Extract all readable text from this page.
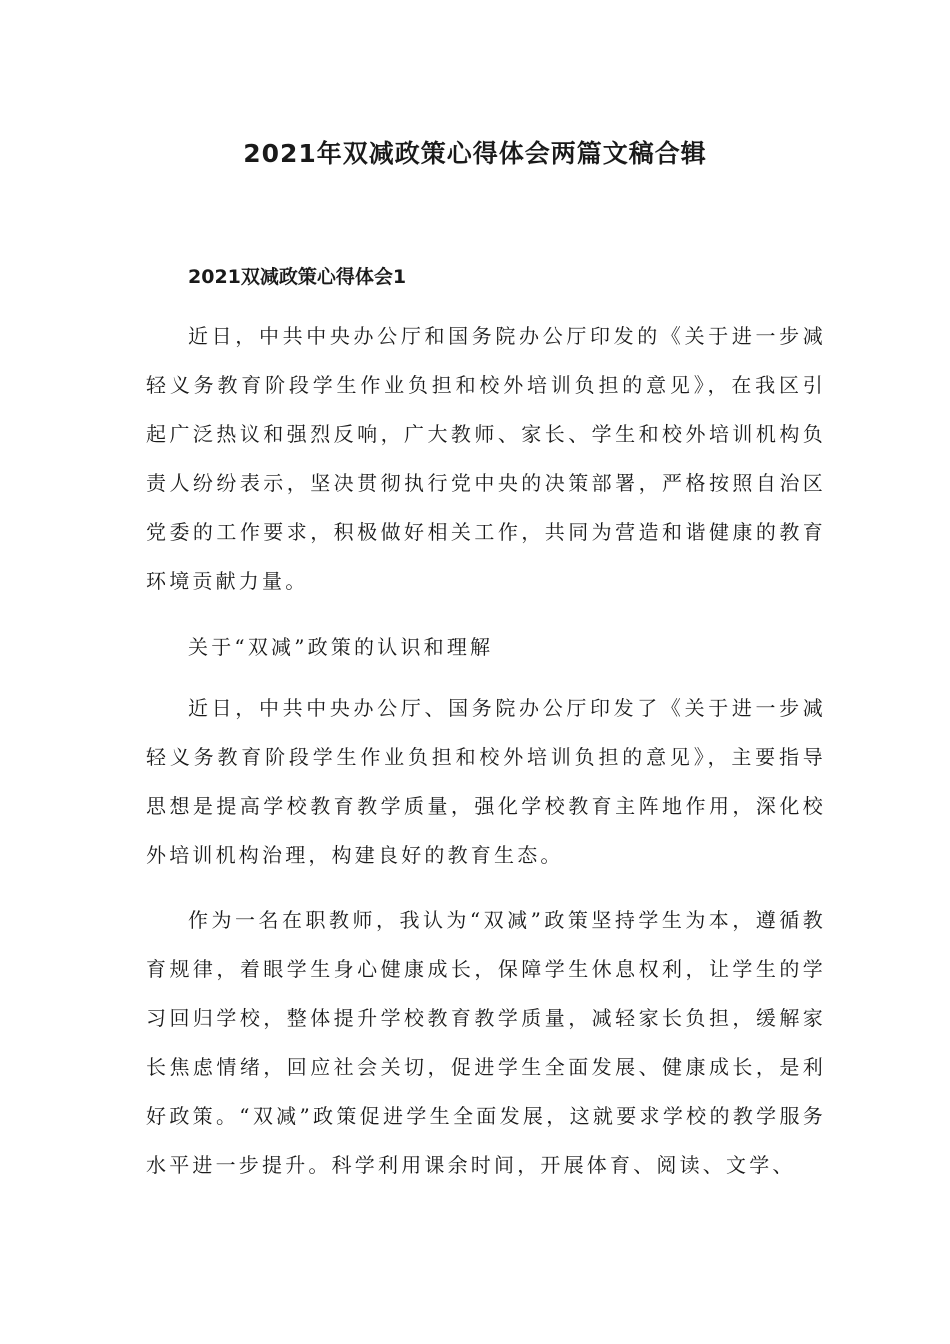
2021年双减政策心得体会两篇文稿合辑
2021双减政策心得体会1

近日，中共中央办公厅和国务院办公厅印发的《关于进一步减轻义务教育阶段学生作业负担和校外培训负担的意见》，在我区引起广泛热议和强烈反响，广大教师、家长、学生和校外培训机构负责人纷纷表示，坚决贯彻执行党中央的决策部署，严格按照自治区党委的工作要求，积极做好相关工作，共同为营造和谐健康的教育环境贡献力量。

关于“双减”政策的认识和理解

近日，中共中央办公厅、国务院办公厅印发了《关于进一步减轻义务教育阶段学生作业负担和校外培训负担的意见》，主要指导思想是提高学校教育教学质量，强化学校教育主阵地作用，深化校外培训机构治理，构建良好的教育生态。

作为一名在职教师，我认为“双减”政策坚持学生为本，遵循教育规律，着眼学生身心健康成长，保障学生休息权利，让学生的学习回归学校，整体提升学校教育教学质量，减轻家长负担，缓解家长焦虑情绪，回应社会关切，促进学生全面发展、健康成长，是利好政策。“双减”政策促进学生全面发展，这就要求学校的教学服务水平进一步提升。科学利用课余时间，开展体育、阅读、文学、
